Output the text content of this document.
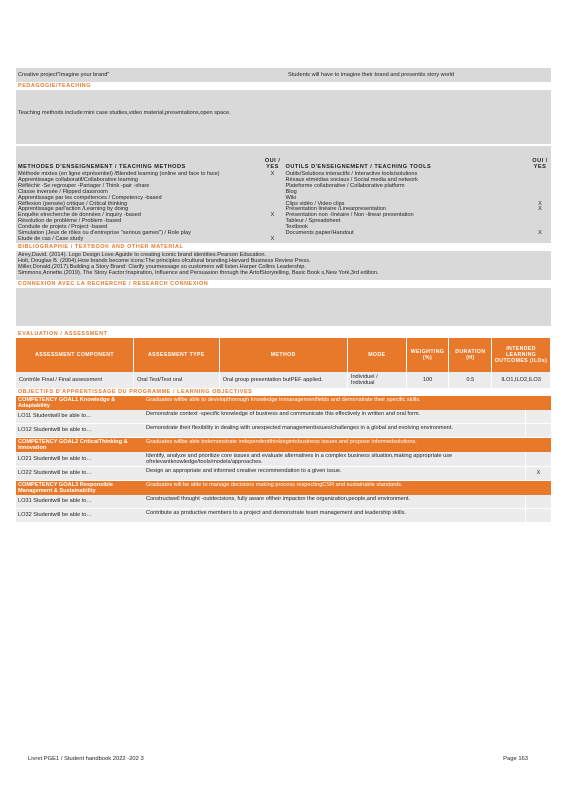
Creative project"Imagine your brand"	Students will have to imagine their brand and presentits story world
PEDAGOGIE/TEACHING
Teaching methods include:mini case studies,video material,presentations,open space.
METHODES D'ENSEIGNEMENT / TEACHING METHODS
OUI / YES
Méthode mixtes (en ligne etprésentiel) /Blended learning (online and face to face)	X
Apprentissage collaboratif/Collaborative learning
Réfléchir -Se regrouper -Partager / Think -pair -share
Classe inversée / Flipped classroom
Apprentissage par les compétences / Competency -based
Réflexion (pensée) critique / Critical thinking
Apprentissage parl'action /Learning by doing
Enquête etrecherche de données / Inquiry -based	X
Résolution de problème / Problem -based
Conduite de projets / Project -based
Simulation (Jeux de rôles ou d'entreprise "serious games") / Role play
Etude de cas / Case study	X
OUTILS D'ENSEIGNEMENT / TEACHING TOOLS
OUI / YES
Outils/Solutions interactifs / Interactive tools/solutions
Résaux etmédias sociaux / Social media and network
Plateforme collaborative / Collaborative platform
Blog
Wiki
Clips vidéo / Video clips	X
Présentation linéaire /Linearpresentation	X
Présentation non -linéaire / Non -linear presentation
Tableur / Spreadsheet
Textbook
Documents papier/Handout	X
BIBLIOGRAPHIE / TEXTBOOK AND OTHER MATERIAL
Airey,David. (2014). Logo Design Love:Aguide to creating iconic brand identities.Pearson Education.
Holt, Douglas B. (2004).How brands become icons:The principles ofcultural branding.Harvard Business Review Press.
Miller,Donald.(2017).Building a Story Brand: Clarify yourmessage so customers will listen.Harper Collins Leadership.
Simmons,Annette.(2019). The Story Factor:Inspiration, Influence and Persuasion through the ArtofStorytelling, Basic Book s,New York,3rd edition.
CONNEXION AVEC LA RECHERCHE / RESEARCH CONNEXION
EVALUATION / ASSESSMENT
ASSESSMENT COMPONENT	ASSESSMENT TYPE	METHOD	MODE	WEIGHTING (%)	DURATION (H)	INTENDED LEARNING OUTCOMES (ILOs)
Contrôle Final / Final assessment	Oral Test/Test oral	Oral group presentation butPEF applied.	Individuel / Individual	100	0.5	ILO1,ILO2,ILO3
OBJECTIFS D'APPRENTISSAGE DU PROGRAMME / LEARNING OBJECTIVES
COMPETENCY GOAL1 Knowledge & Adaptability
Graduates willbe able to developthorough knowledge inmanagementfields and demonstrate their specific skills.
LO11 Studentwill be able to…	Demonstrate context -specific knowledge of business and communicate this effectively in written and oral form.
LO12 Studentwill be able to…	Demonstrate their flexibility in dealing with unexpected managementissues/challenges in a global and evolving environment.
COMPETENCY GOAL2 CriticalThinking & Innovation
Graduates willbe able todemonstrate independentthinkingintobusiness issues and propose informedsolutions.
LO21 Studentwill be able to…	Identify, analyze and prioritize core issues and evaluate alternatives in a complex business situation,making appropriate use ofrelevantknowledge/tools/models/approaches.
LO22 Studentwill be able to…	Design an appropriate and informed creative recommendation to a given issue.	X
COMPETENCY GOAL3 Responsible Management & Sustainability
Graduates will be able to manage decisions making process respectingCSR and sustainable standards.
LO31 Studentwill be able to…	Constructwell thought -outdecisions, fully aware oftheir impacton the organization,people,and environment.
LO32 Studentwill be able to…	Contribute as productive members to a project and demonstrate team management and leadership skills.
Livret PGE1 / Student handbook 2022 -202 3	Page 163
